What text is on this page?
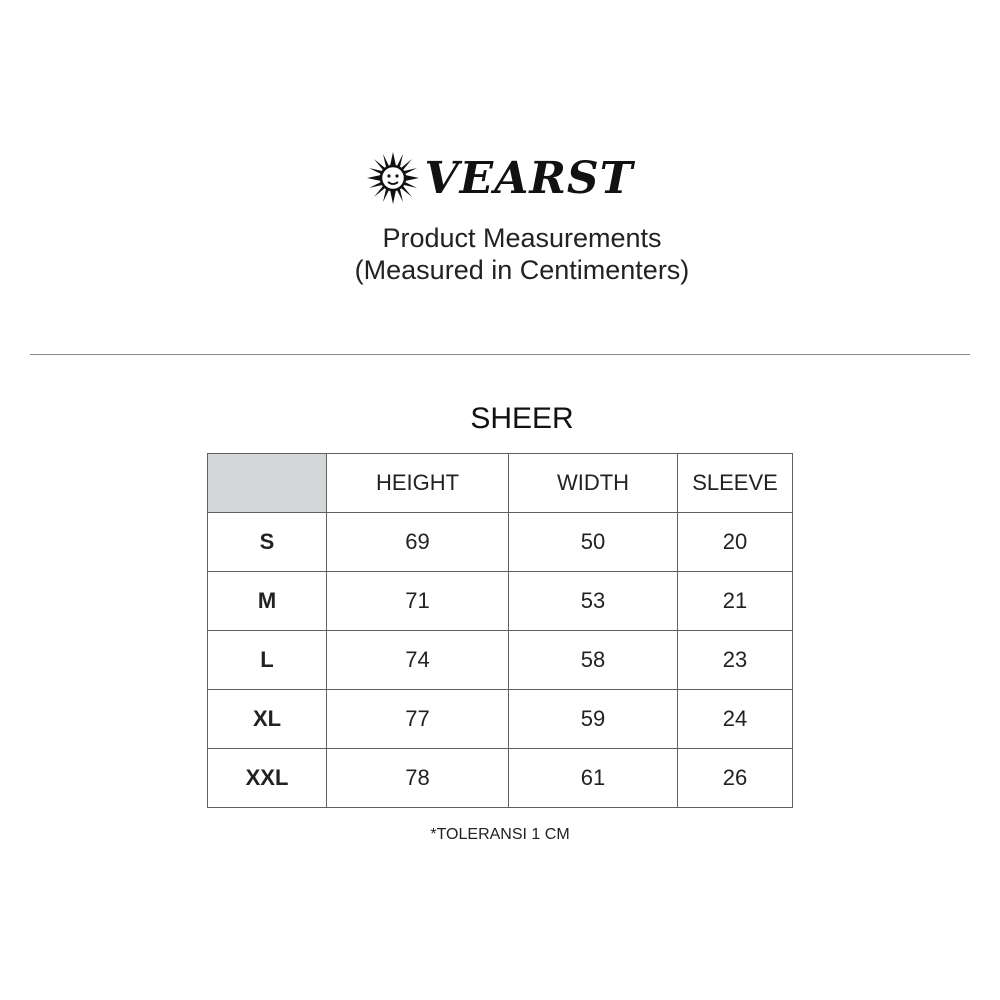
VEARST
Product Measurements
(Measured in Centimenters)
SHEER
	HEIGHT	WIDTH	SLEEVE
S	69	50	20
M	71	53	21
L	74	58	23
XL	77	59	24
XXL	78	61	26
*TOLERANSI 1 CM
